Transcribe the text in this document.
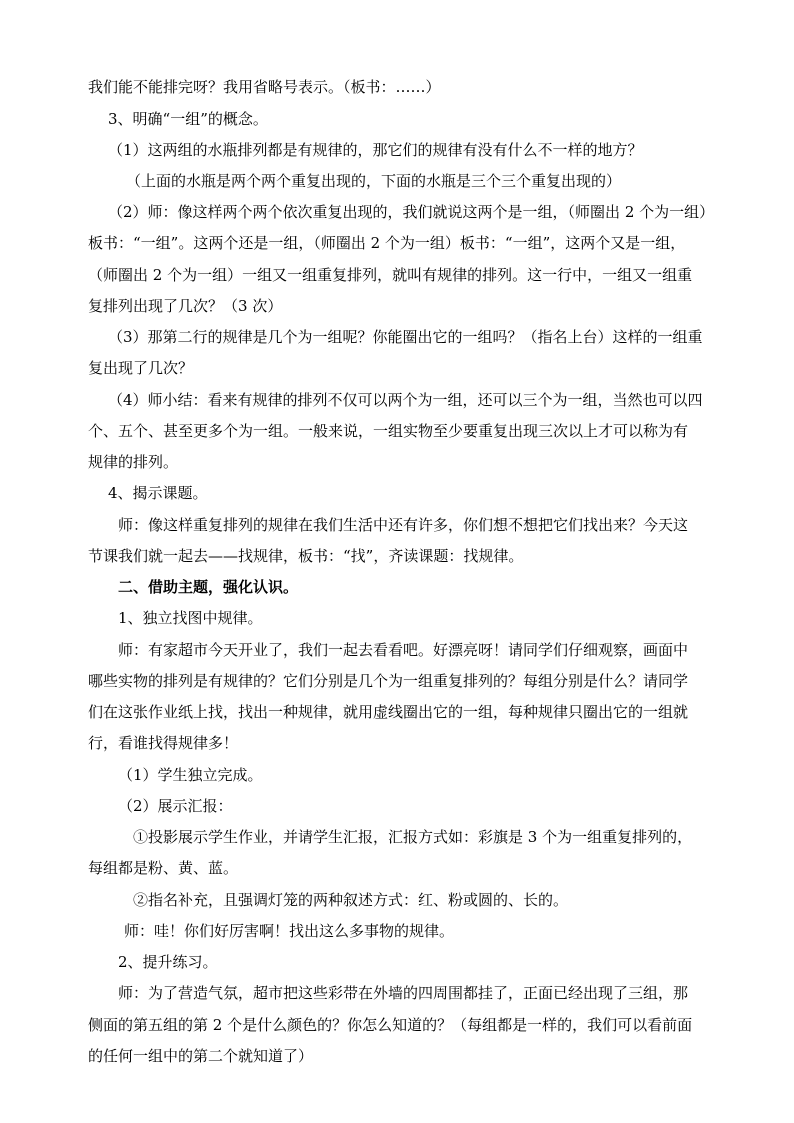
我们能不能排完呀？我用省略号表示。（板书：……）

3、明确“一组”的概念。

（1）这两组的水瓶排列都是有规律的，那它们的规律有没有什么不一样的地方？

（上面的水瓶是两个两个重复出现的，下面的水瓶是三个三个重复出现的）

（2）师：像这样两个两个依次重复出现的，我们就说这两个是一组，（师圈出 2 个为一组）

板书：“一组”。这两个还是一组，（师圈出 2 个为一组）板书：“一组”，这两个又是一组，

（师圈出 2 个为一组）一组又一组重复排列，就叫有规律的排列。这一行中，一组又一组重

复排列出现了几次？（3 次）

（3）那第二行的规律是几个为一组呢？你能圈出它的一组吗？（指名上台）这样的一组重

复出现了几次？

（4）师小结：看来有规律的排列不仅可以两个为一组，还可以三个为一组，当然也可以四

个、五个、甚至更多个为一组。一般来说，一组实物至少要重复出现三次以上才可以称为有

规律的排列。

4、揭示课题。

师：像这样重复排列的规律在我们生活中还有许多，你们想不想把它们找出来？今天这

节课我们就一起去——找规律，板书：“找”，齐读课题：找规律。

二、借助主题，强化认识。

1、独立找图中规律。

师：有家超市今天开业了，我们一起去看看吧。好漂亮呀！请同学们仔细观察，画面中

哪些实物的排列是有规律的？它们分别是几个为一组重复排列的？每组分别是什么？请同学

们在这张作业纸上找，找出一种规律，就用虚线圈出它的一组，每种规律只圈出它的一组就

行，看谁找得规律多！

（1）学生独立完成。

（2）展示汇报：

①投影展示学生作业，并请学生汇报，汇报方式如：彩旗是 3 个为一组重复排列的，

每组都是粉、黄、蓝。

②指名补充，且强调灯笼的两种叙述方式：红、粉或圆的、长的。

师：哇！你们好厉害啊！找出这么多事物的规律。

2、提升练习。

师：为了营造气氛，超市把这些彩带在外墙的四周围都挂了，正面已经出现了三组，那

侧面的第五组的第 2 个是什么颜色的？你怎么知道的？（每组都是一样的，我们可以看前面

的任何一组中的第二个就知道了）
